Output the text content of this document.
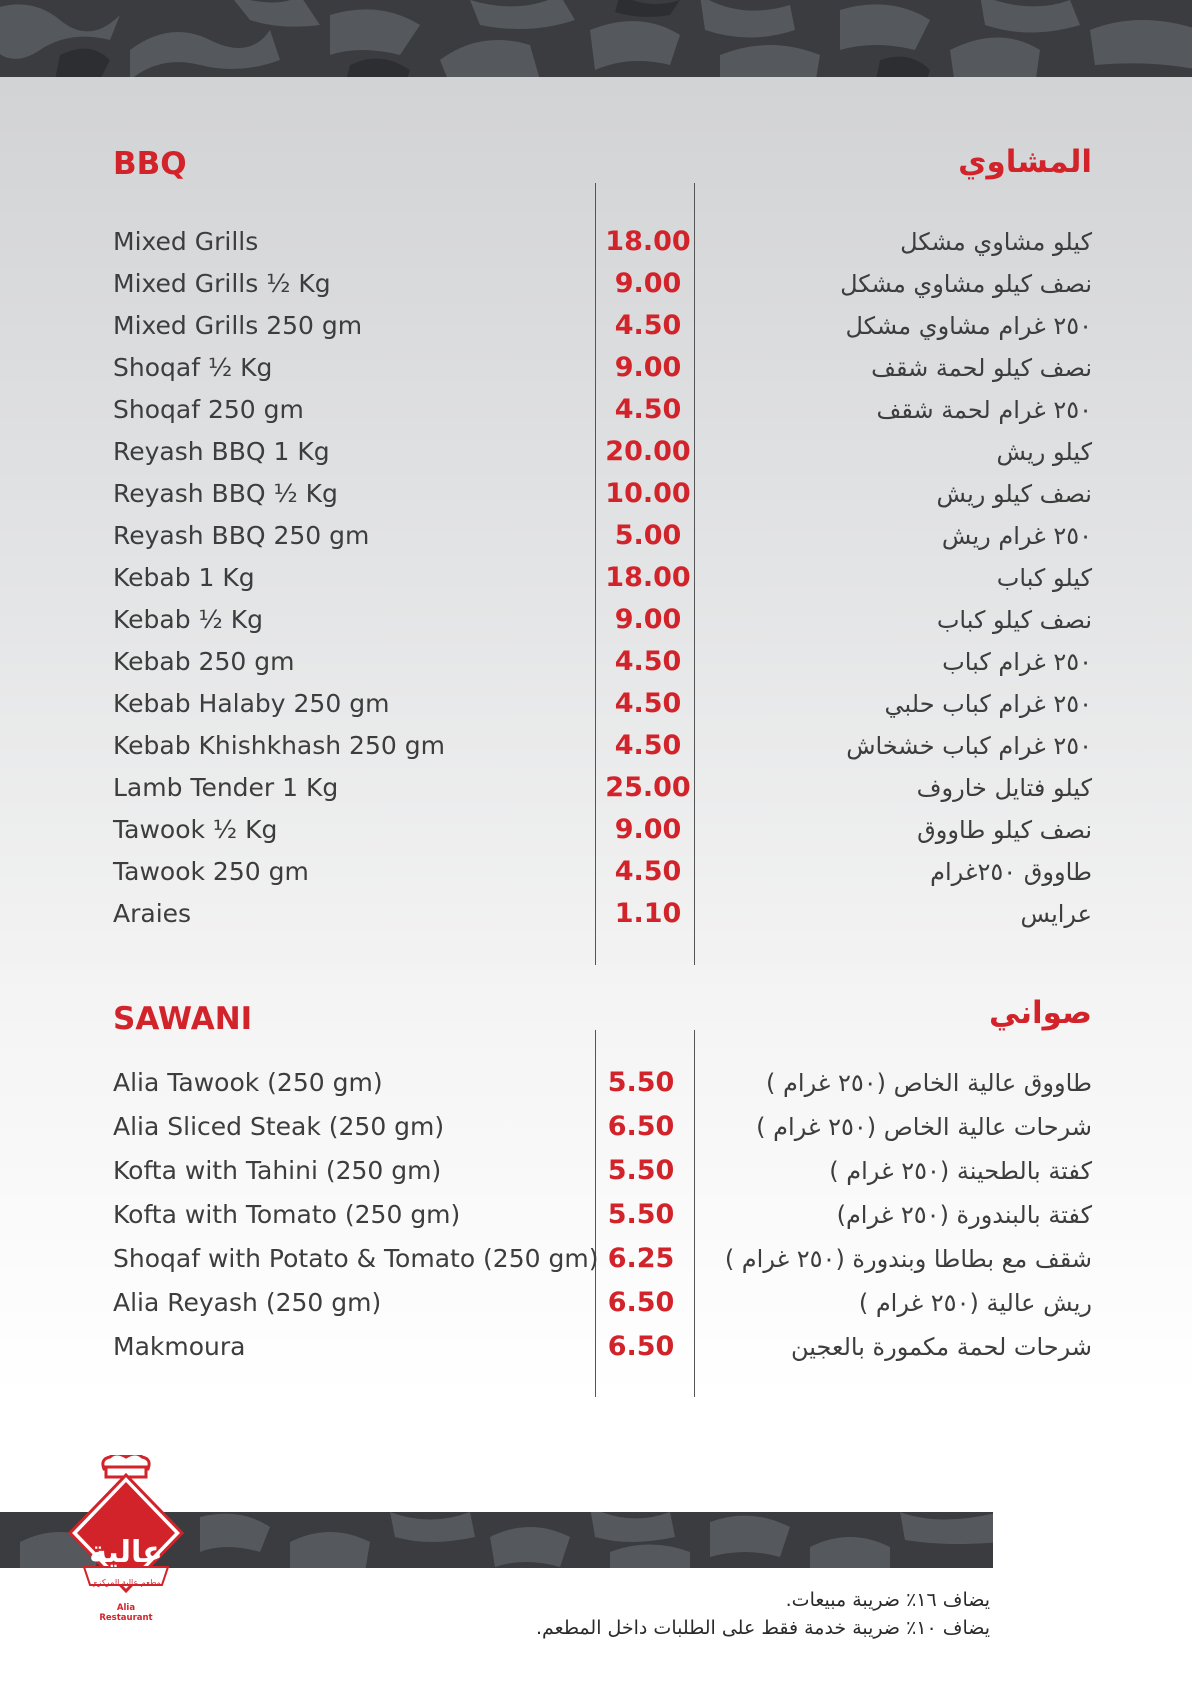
BBQ	المشاوي
Mixed Grills	18.00	كيلو مشاوي مشكل
Mixed Grills ½ Kg	9.00	نصف كيلو مشاوي مشكل
Mixed Grills 250 gm	4.50	٢٥٠ غرام مشاوي مشكل
Shoqaf ½ Kg	9.00	نصف كيلو لحمة شقف
Shoqaf 250 gm	4.50	٢٥٠ غرام لحمة شقف
Reyash BBQ 1 Kg	20.00	كيلو ريش
Reyash BBQ ½ Kg	10.00	نصف كيلو ريش
Reyash BBQ 250 gm	5.00	٢٥٠ غرام ريش
Kebab 1 Kg	18.00	كيلو كباب
Kebab ½ Kg	9.00	نصف كيلو كباب
Kebab 250 gm	4.50	٢٥٠ غرام كباب
Kebab Halaby 250 gm	4.50	٢٥٠ غرام كباب حلبي
Kebab Khishkhash 250 gm	4.50	٢٥٠ غرام كباب خشخاش
Lamb Tender 1 Kg	25.00	كيلو فتايل خاروف
Tawook ½ Kg	9.00	نصف كيلو طاووق
Tawook 250 gm	4.50	طاووق ٢٥٠غرام
Araies	1.10	عرايس
SAWANI	صواني
Alia Tawook (250 gm)	5.50	طاووق عالية الخاص (٢٥٠ غرام )
Alia Sliced Steak (250 gm)	6.50	شرحات عالية الخاص (٢٥٠ غرام )
Kofta with Tahini (250 gm)	5.50	كفتة بالطحينة (٢٥٠ غرام )
Kofta with Tomato (250 gm)	5.50	كفتة بالبندورة (٢٥٠ غرام)
Shoqaf with Potato & Tomato (250 gm) 6.25	شقف مع بطاطا وبندورة (٢٥٠ غرام )
Alia Reyash (250 gm)	6.50	ريش عالية (٢٥٠ غرام )
Makmoura	6.50	شرحات لحمة مكمورة بالعجين
عالية
مطعم عالية المركزي
Alia
Restaurant
يضاف ١٦٪ ضريبة مبيعات.
يضاف ١٠٪ ضريبة خدمة فقط على الطلبات داخل المطعم.
